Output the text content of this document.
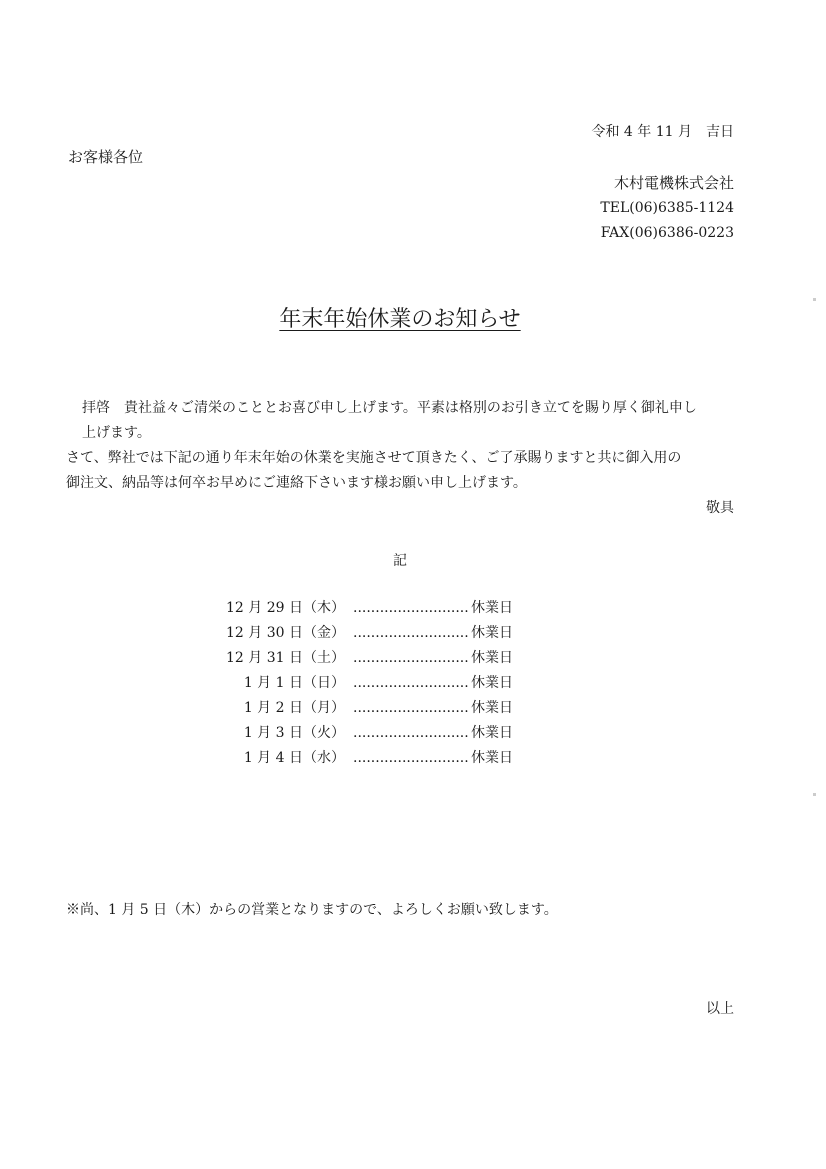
令和 4 年 11 月　吉日
お客様各位
木村電機株式会社
TEL(06)6385-1124
FAX(06)6386-0223
年末年始休業のお知らせ
拝啓　貴社益々ご清栄のこととお喜び申し上げます。平素は格別のお引き立てを賜り厚く御礼申し
上げます。
さて、弊社では下記の通り年末年始の休業を実施させて頂きたく、ご了承賜りますと共に御入用の
御注文、納品等は何卒お早めにご連絡下さいます様お願い申し上げます。
敬具
記
12 月 29 日（木） .......................... 休業日
12 月 30 日（金） .......................... 休業日
12 月 31 日（土） .......................... 休業日
1 月 1 日（日） .......................... 休業日
1 月 2 日（月） .......................... 休業日
1 月 3 日（火） .......................... 休業日
1 月 4 日（水） .......................... 休業日
※尚、1 月 5 日（木）からの営業となりますので、よろしくお願い致します。
以上
